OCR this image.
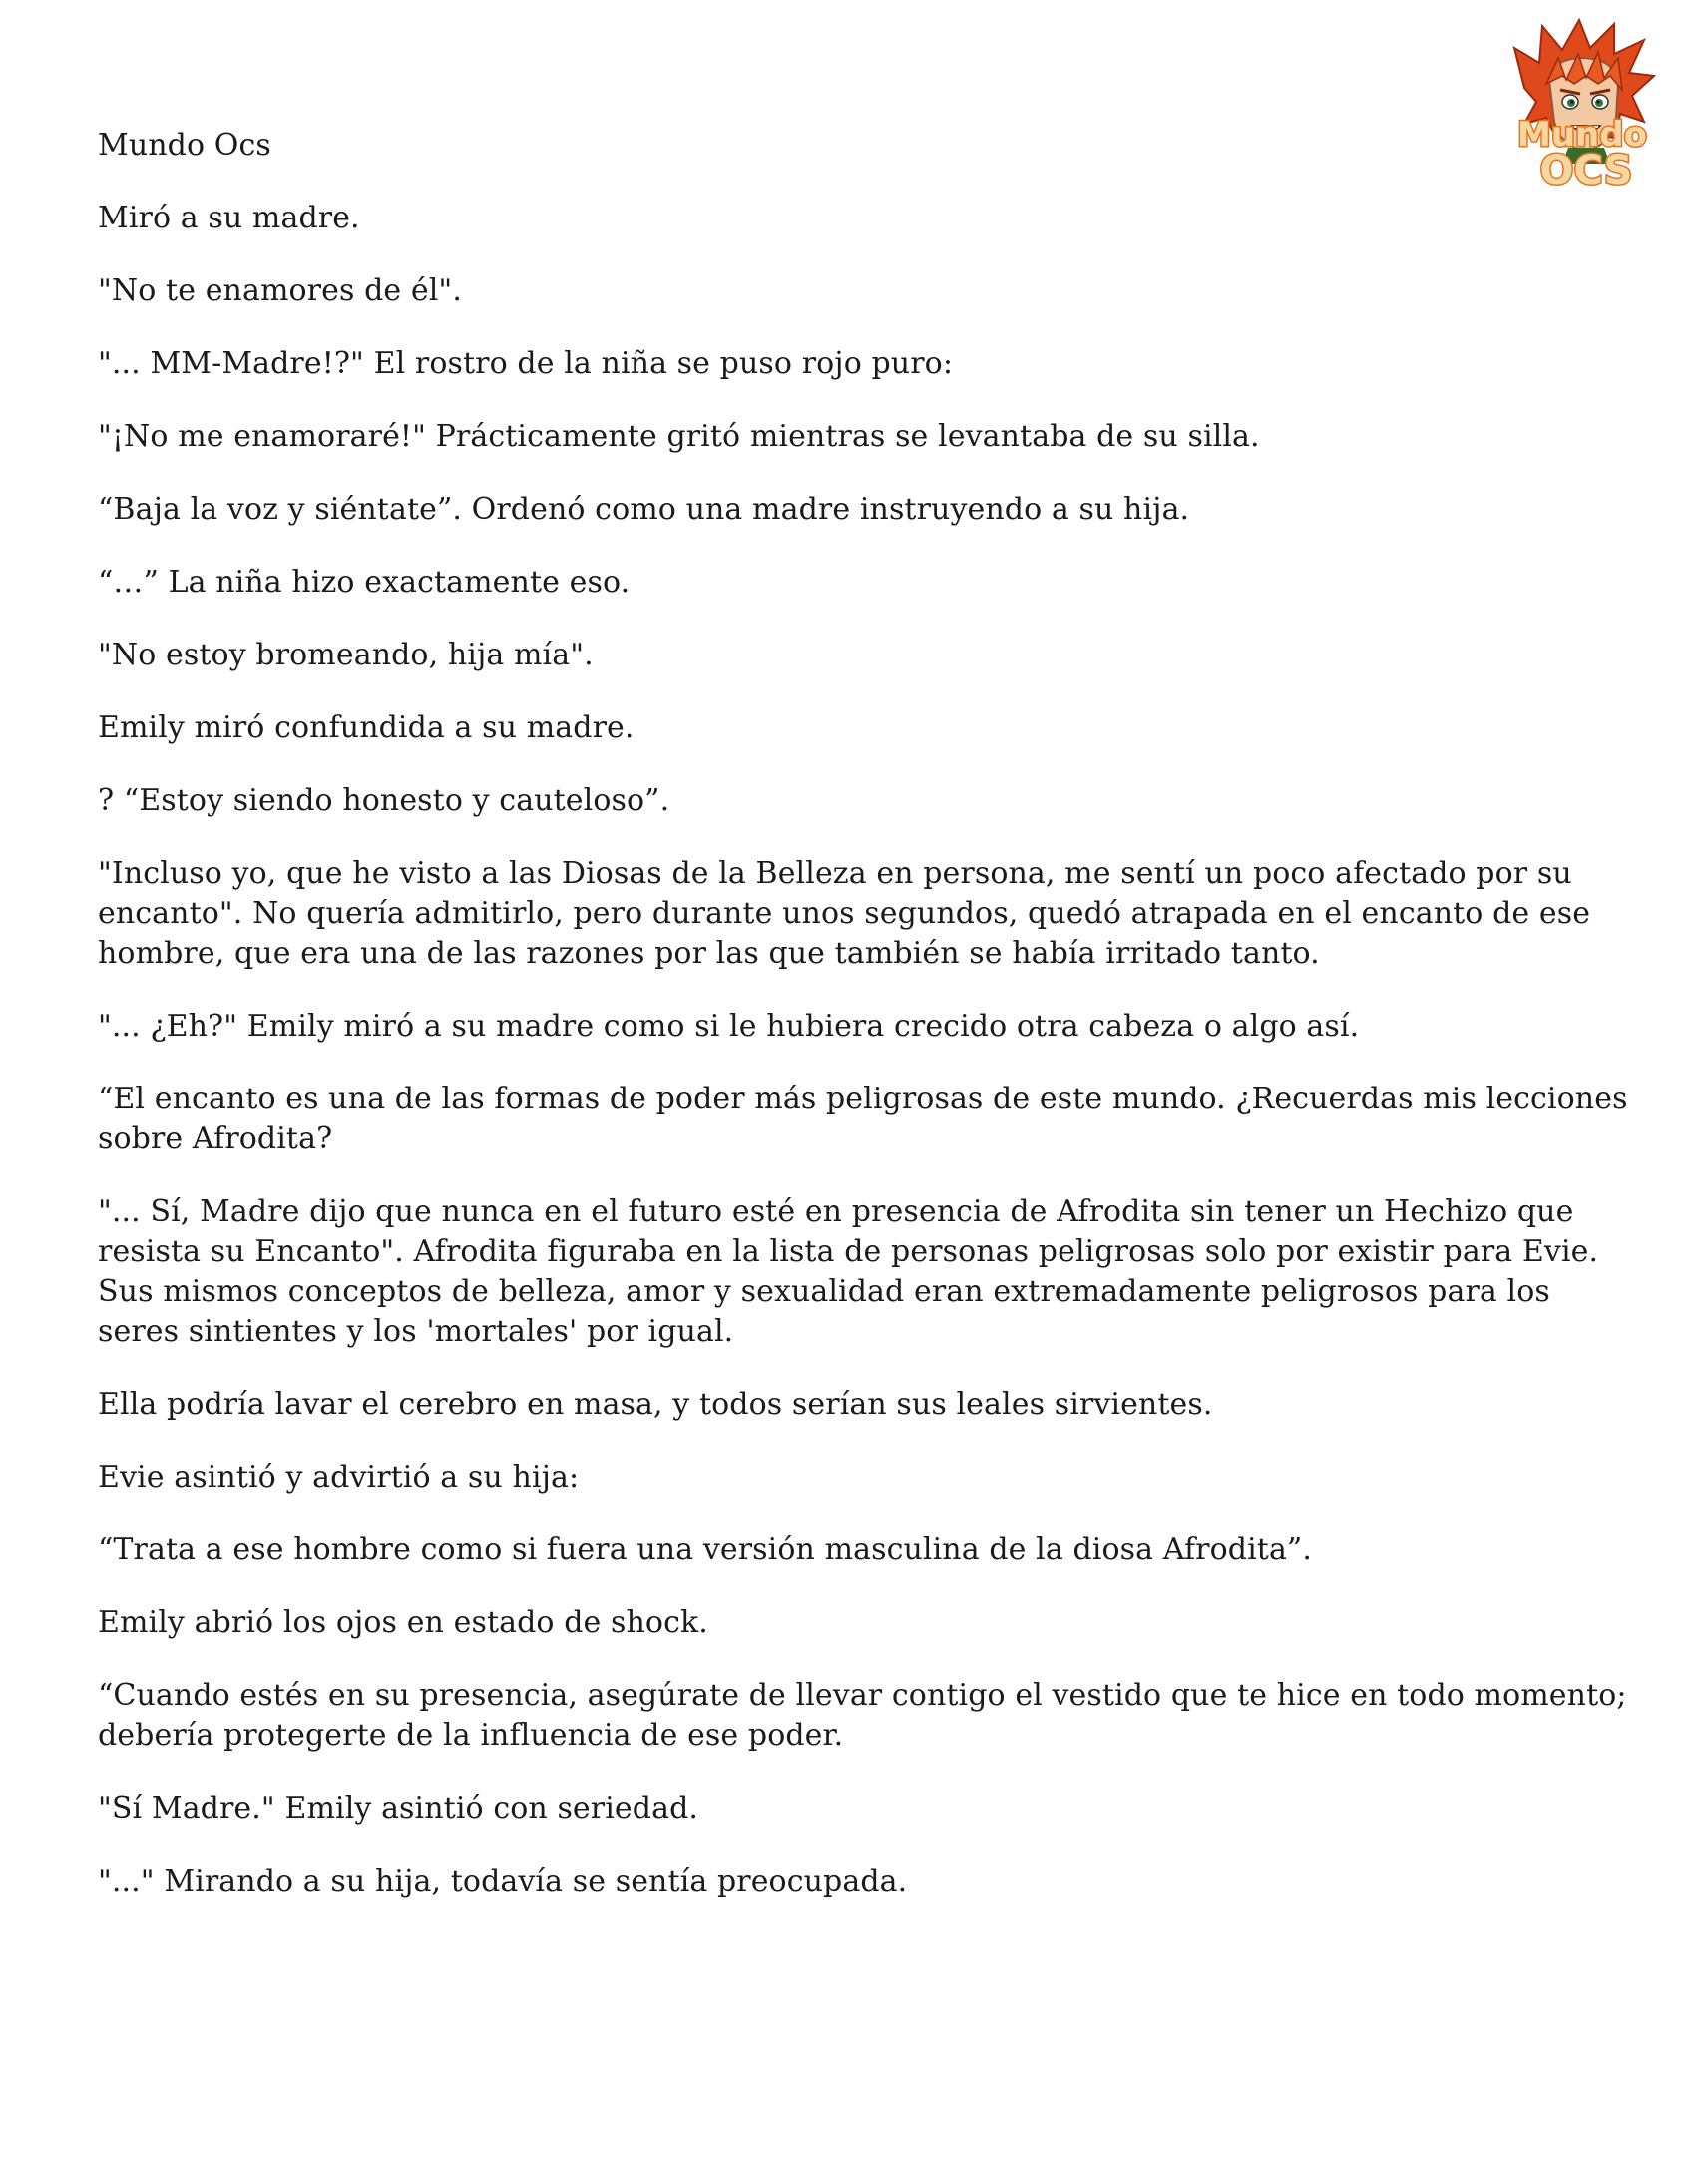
Mundo
OCS

Mundo Ocs

Miró a su madre.

"No te enamores de él".

"... MM-Madre!?" El rostro de la niña se puso rojo puro:

"¡No me enamoraré!" Prácticamente gritó mientras se levantaba de su silla.

“Baja la voz y siéntate”. Ordenó como una madre instruyendo a su hija.

“…” La niña hizo exactamente eso.

"No estoy bromeando, hija mía".

Emily miró confundida a su madre.

? “Estoy siendo honesto y cauteloso”.

"Incluso yo, que he visto a las Diosas de la Belleza en persona, me sentí un poco afectado por su encanto". No quería admitirlo, pero durante unos segundos, quedó atrapada en el encanto de ese hombre, que era una de las razones por las que también se había irritado tanto.

"... ¿Eh?" Emily miró a su madre como si le hubiera crecido otra cabeza o algo así.

“El encanto es una de las formas de poder más peligrosas de este mundo. ¿Recuerdas mis lecciones sobre Afrodita?

"... Sí, Madre dijo que nunca en el futuro esté en presencia de Afrodita sin tener un Hechizo que resista su Encanto". Afrodita figuraba en la lista de personas peligrosas solo por existir para Evie. Sus mismos conceptos de belleza, amor y sexualidad eran extremadamente peligrosos para los seres sintientes y los 'mortales' por igual.

Ella podría lavar el cerebro en masa, y todos serían sus leales sirvientes.

Evie asintió y advirtió a su hija:

“Trata a ese hombre como si fuera una versión masculina de la diosa Afrodita”.

Emily abrió los ojos en estado de shock.

“Cuando estés en su presencia, asegúrate de llevar contigo el vestido que te hice en todo momento; debería protegerte de la influencia de ese poder.

"Sí Madre." Emily asintió con seriedad.

"..." Mirando a su hija, todavía se sentía preocupada.
